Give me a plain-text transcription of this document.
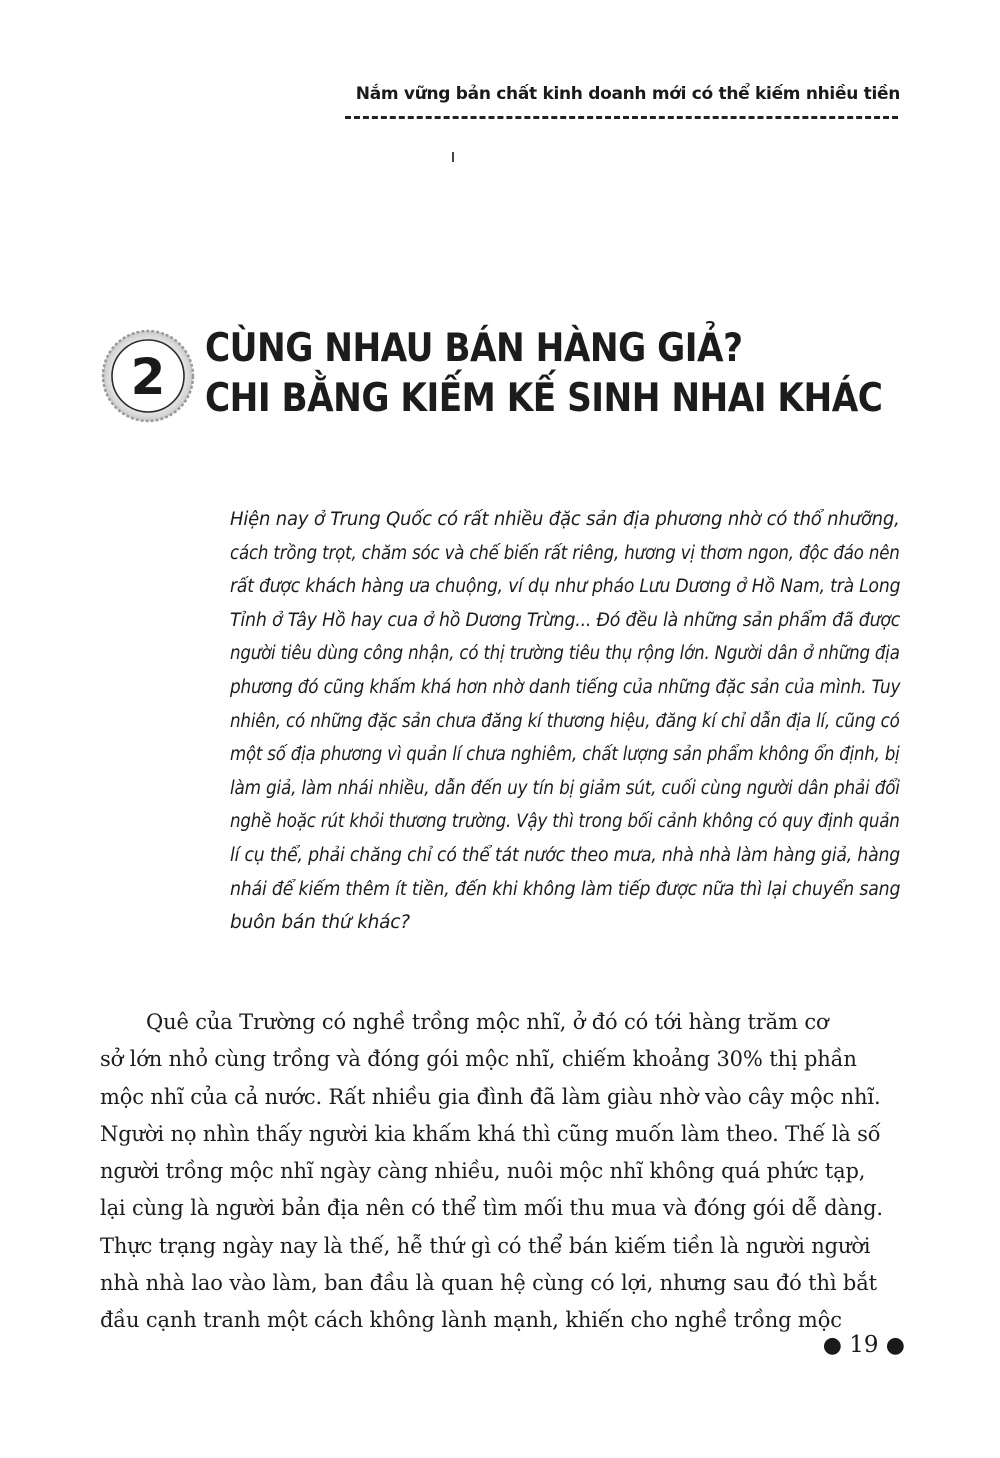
Nắm vững bản chất kinh doanh mới có thể kiếm nhiều tiền
2 CÙNG NHAU BÁN HÀNG GIẢ?
CHI BẰNG KIẾM KẾ SINH NHAI KHÁC
Hiện nay ở Trung Quốc có rất nhiều đặc sản địa phương nhờ có thổ nhưỡng,
cách trồng trọt, chăm sóc và chế biến rất riêng, hương vị thơm ngon, độc đáo nên
rất được khách hàng ưa chuộng, ví dụ như pháo Lưu Dương ở Hồ Nam, trà Long
Tỉnh ở Tây Hồ hay cua ở hồ Dương Trừng... Đó đều là những sản phẩm đã được
người tiêu dùng công nhận, có thị trường tiêu thụ rộng lớn. Người dân ở những địa
phương đó cũng khấm khá hơn nhờ danh tiếng của những đặc sản của mình. Tuy
nhiên, có những đặc sản chưa đăng kí thương hiệu, đăng kí chỉ dẫn địa lí, cũng có
một số địa phương vì quản lí chưa nghiêm, chất lượng sản phẩm không ổn định, bị
làm giả, làm nhái nhiều, dẫn đến uy tín bị giảm sút, cuối cùng người dân phải đổi
nghề hoặc rút khỏi thương trường. Vậy thì trong bối cảnh không có quy định quản
lí cụ thể, phải chăng chỉ có thể tát nước theo mưa, nhà nhà làm hàng giả, hàng
nhái để kiếm thêm ít tiền, đến khi không làm tiếp được nữa thì lại chuyển sang
buôn bán thứ khác?
Quê của Trường có nghề trồng mộc nhĩ, ở đó có tới hàng trăm cơ
sở lớn nhỏ cùng trồng và đóng gói mộc nhĩ, chiếm khoảng 30% thị phần
mộc nhĩ của cả nước. Rất nhiều gia đình đã làm giàu nhờ vào cây mộc nhĩ.
Người nọ nhìn thấy người kia khấm khá thì cũng muốn làm theo. Thế là số
người trồng mộc nhĩ ngày càng nhiều, nuôi mộc nhĩ không quá phức tạp,
lại cùng là người bản địa nên có thể tìm mối thu mua và đóng gói dễ dàng.
Thực trạng ngày nay là thế, hễ thứ gì có thể bán kiếm tiền là người người
nhà nhà lao vào làm, ban đầu là quan hệ cùng có lợi, nhưng sau đó thì bắt
đầu cạnh tranh một cách không lành mạnh, khiến cho nghề trồng mộc
● 19 ●
